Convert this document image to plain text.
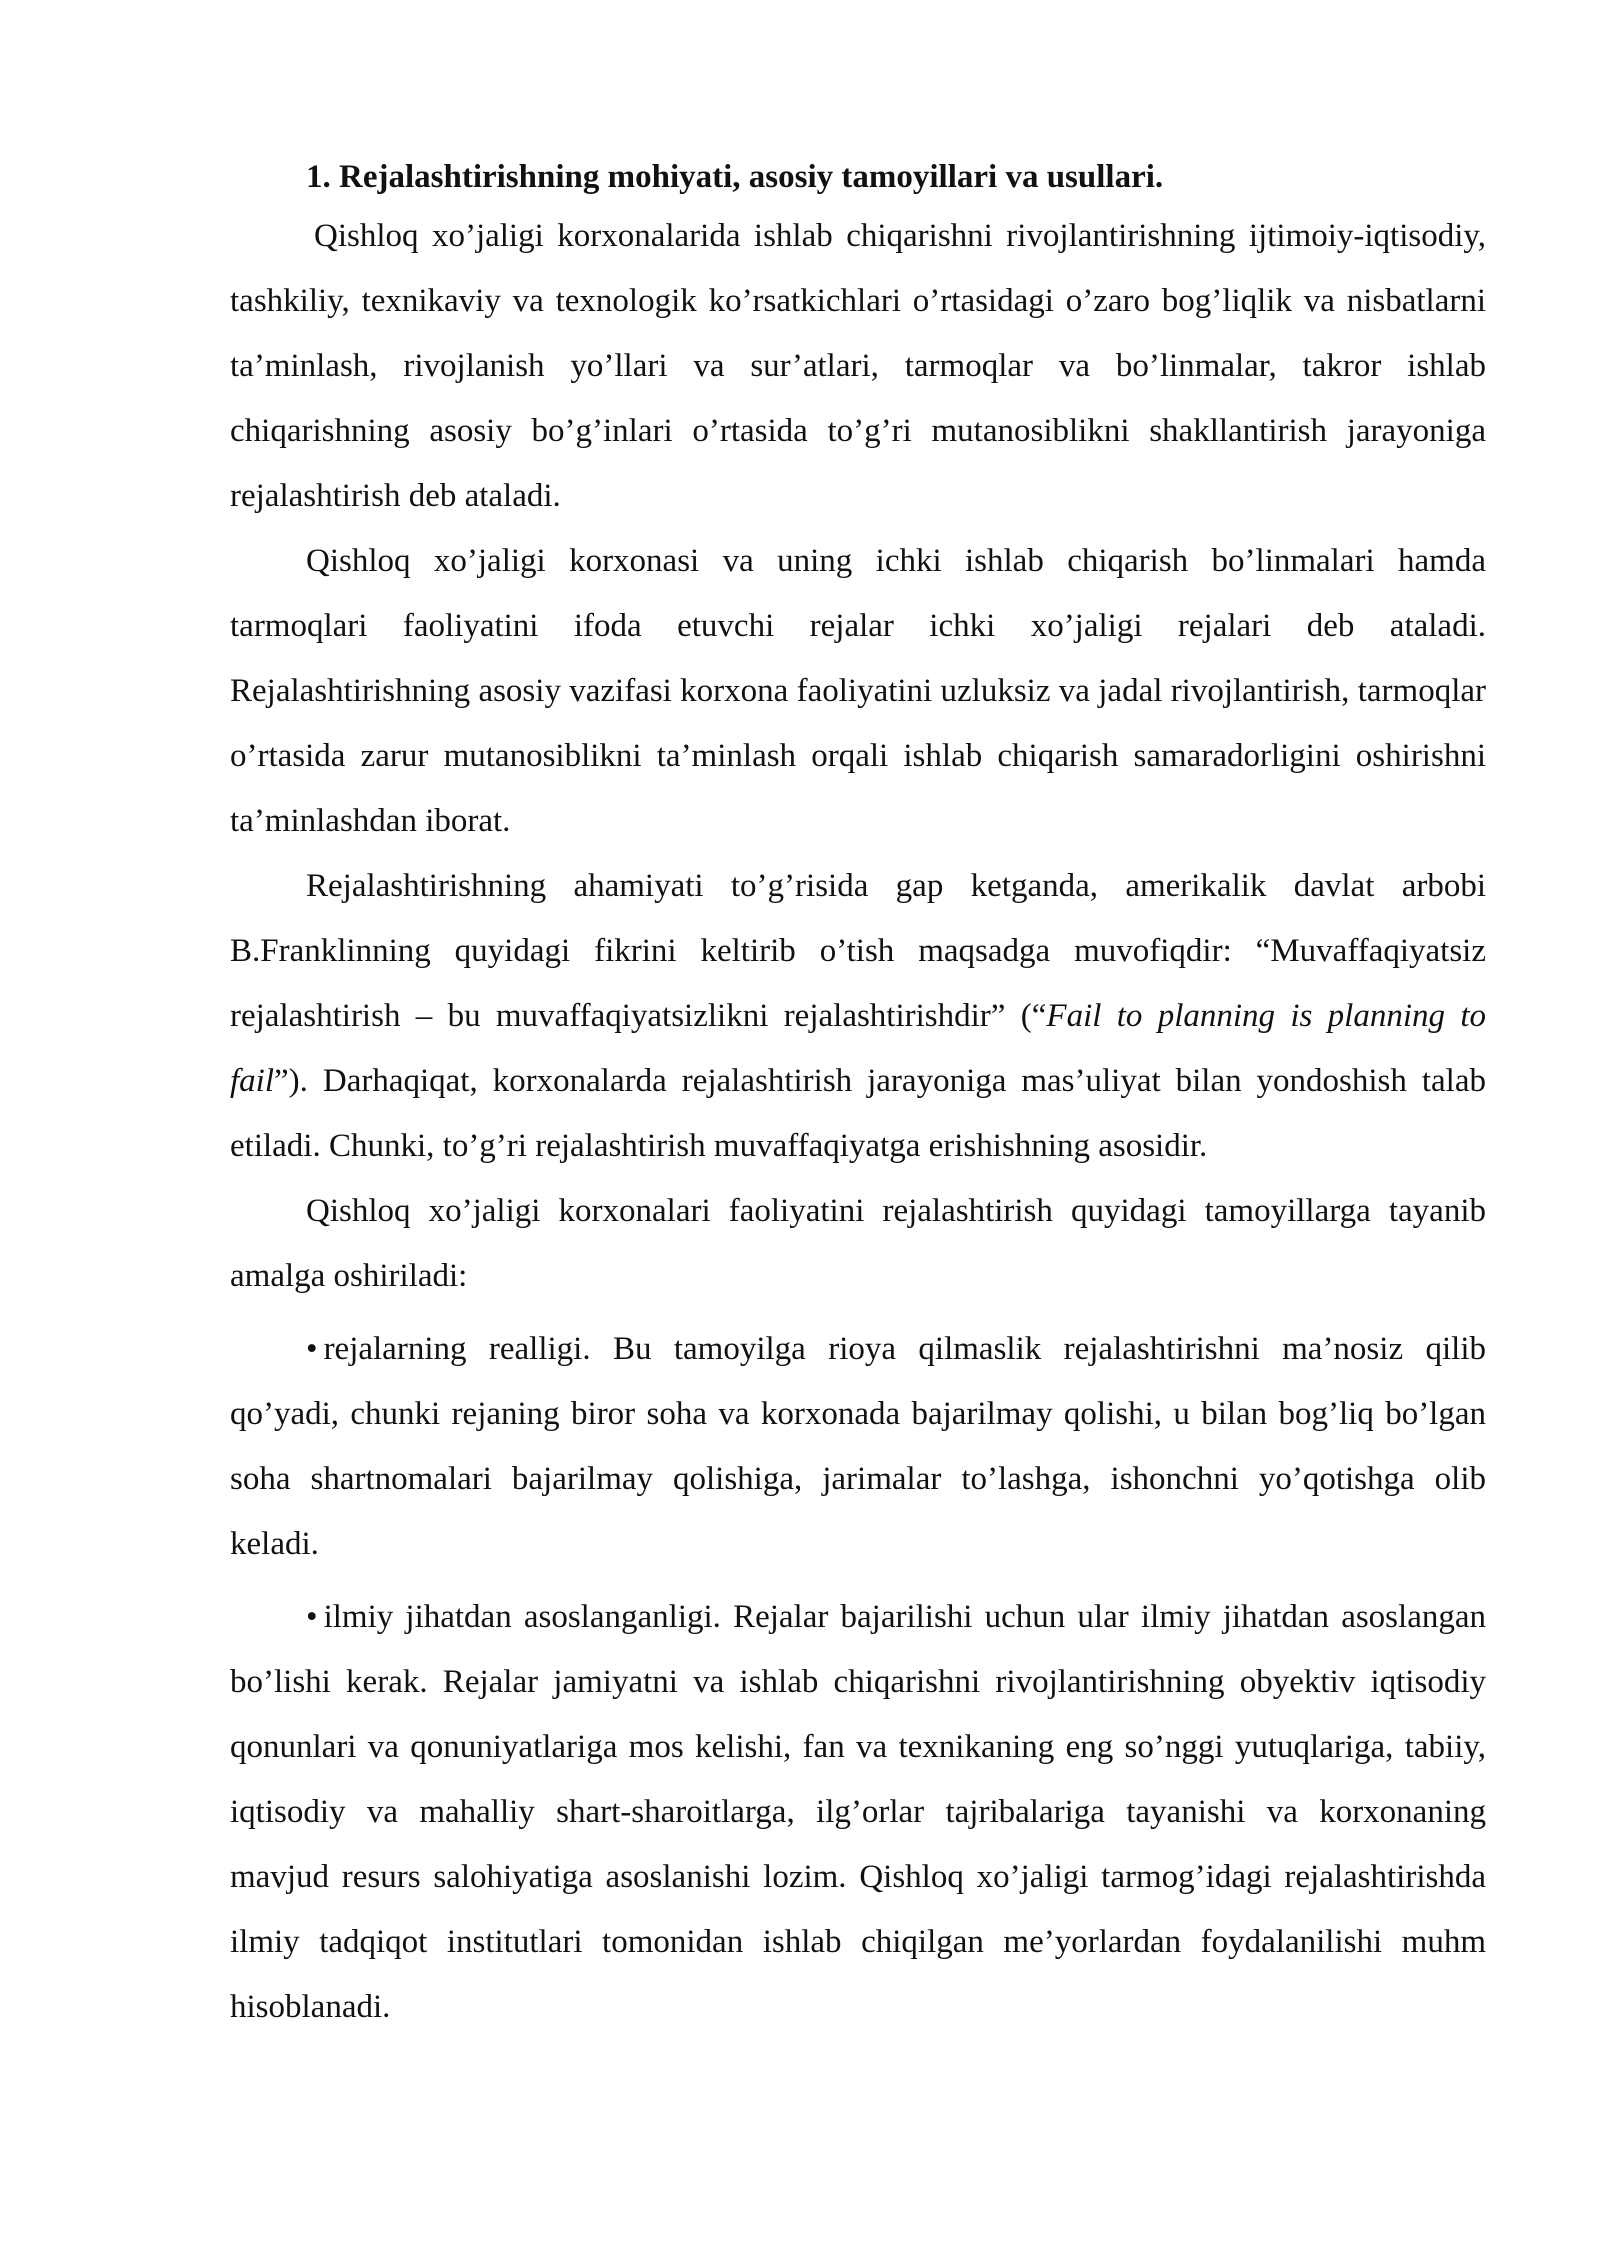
1. Rejalashtirishning mohiyati, asosiy tamoyillari va usullari.

Qishloq xo’jaligi korxonalarida ishlab chiqarishni rivojlantirishning ijtimoiy-iqtisodiy, tashkiliy, texnikaviy va texnologik ko’rsatkichlari o’rtasidagi o’zaro bog’liqlik va nisbatlarni ta’minlash, rivojlanish yo’llari va sur’atlari, tarmoqlar va bo’linmalar, takror ishlab chiqarishning asosiy bo’g’inlari o’rtasida to’g’ri mutanosiblikni shakllantirish jarayoniga rejalashtirish deb ataladi.

Qishloq xo’jaligi korxonasi va uning ichki ishlab chiqarish bo’linmalari hamda tarmoqlari faoliyatini ifoda etuvchi rejalar ichki xo’jaligi rejalari deb ataladi. Rejalashtirishning asosiy vazifasi korxona faoliyatini uzluksiz va jadal rivojlantirish, tarmoqlar o’rtasida zarur mutanosiblikni ta’minlash orqali ishlab chiqarish samaradorligini oshirishni ta’minlashdan iborat.

Rejalashtirishning ahamiyati to’g’risida gap ketganda, amerikalik davlat arbobi B.Franklinning quyidagi fikrini keltirib o’tish maqsadga muvofiqdir: “Muvaffaqiyatsiz rejalashtirish – bu muvaffaqiyatsizlikni rejalashtirishdir” (“Fail to planning is planning to fail”). Darhaqiqat, korxonalarda rejalashtirish jarayoniga mas’uliyat bilan yondoshish talab etiladi. Chunki, to’g’ri rejalashtirish muvaffaqiyatga erishishning asosidir.

Qishloq xo’jaligi korxonalari faoliyatini rejalashtirish quyidagi tamoyillarga tayanib amalga oshiriladi:

• rejalarning realligi. Bu tamoyilga rioya qilmaslik rejalashtirishni ma’nosiz qilib qo’yadi, chunki rejaning biror soha va korxonada bajarilmay qolishi, u bilan bog’liq bo’lgan soha shartnomalari bajarilmay qolishiga, jarimalar to’lashga, ishonchni yo’qotishga olib keladi.

• ilmiy jihatdan asoslanganligi. Rejalar bajarilishi uchun ular ilmiy jihatdan asoslangan bo’lishi kerak. Rejalar jamiyatni va ishlab chiqarishni rivojlantirishning obyektiv iqtisodiy qonunlari va qonuniyatlariga mos kelishi, fan va texnikaning eng so’nggi yutuqlariga, tabiiy, iqtisodiy va mahalliy shart-sharoitlarga, ilg’orlar tajribalariga tayanishi va korxonaning mavjud resurs salohiyatiga asoslanishi lozim. Qishloq xo’jaligi tarmog’idagi rejalashtirishda ilmiy tadqiqot institutlari tomonidan ishlab chiqilgan me’yorlardan foydalanilishi muhm hisoblanadi.
